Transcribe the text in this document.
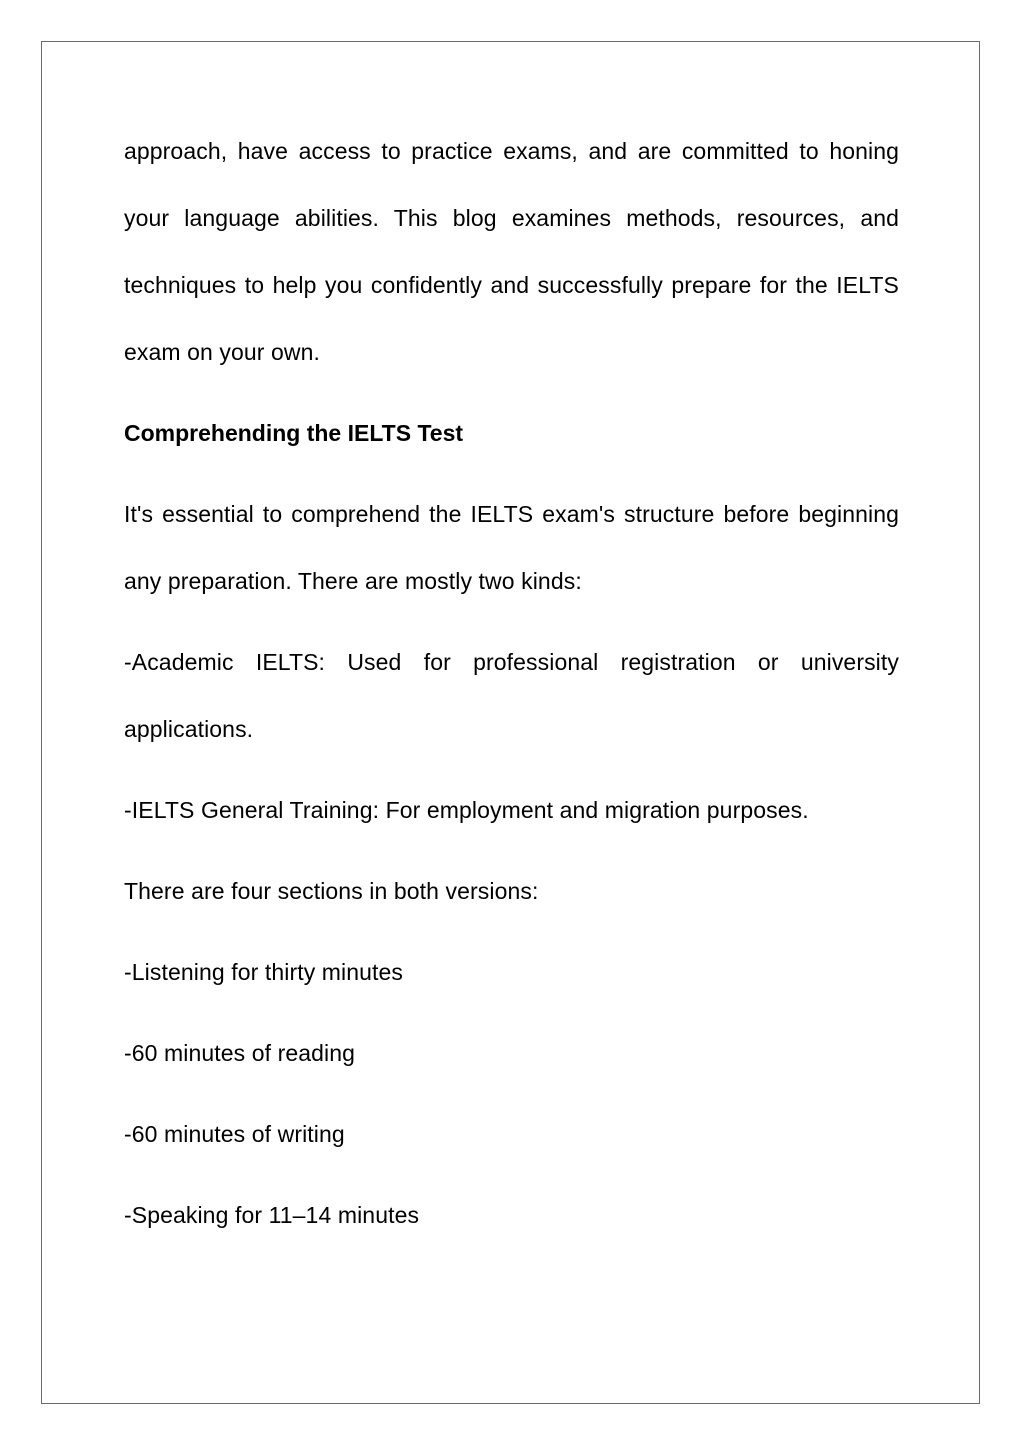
approach, have access to practice exams, and are committed to honing your language abilities. This blog examines methods, resources, and techniques to help you confidently and successfully prepare for the IELTS exam on your own.

Comprehending the IELTS Test

It's essential to comprehend the IELTS exam's structure before beginning any preparation. There are mostly two kinds:

-Academic IELTS: Used for professional registration or university applications.

-IELTS General Training: For employment and migration purposes.

There are four sections in both versions:

-Listening for thirty minutes

-60 minutes of reading

-60 minutes of writing

-Speaking for 11–14 minutes
